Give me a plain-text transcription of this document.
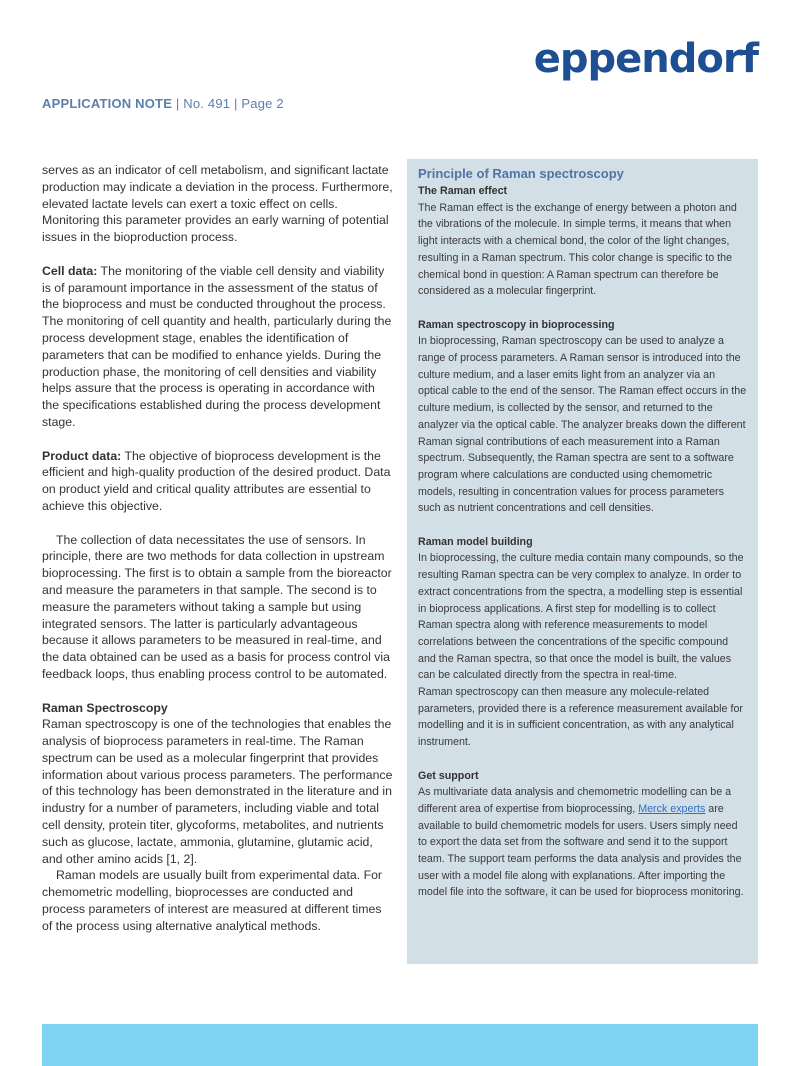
eppendorf
APPLICATION NOTE | No. 491 | Page 2

serves as an indicator of cell metabolism, and significant lactate production may indicate a deviation in the process. Furthermore, elevated lactate levels can exert a toxic effect on cells. Monitoring this parameter provides an early warning of potential issues in the bioproduction process.

Cell data: The monitoring of the viable cell density and viability is of paramount importance in the assessment of the status of the bioprocess and must be conducted throughout the process. The monitoring of cell quantity and health, particularly during the process development stage, enables the identification of parameters that can be modified to enhance yields. During the production phase, the monitoring of cell densities and viability helps assure that the process is operating in accordance with the specifications established during the process development stage.

Product data: The objective of bioprocess development is the efficient and high-quality production of the desired product. Data on product yield and critical quality attributes are essential to achieve this objective.

The collection of data necessitates the use of sensors. In principle, there are two methods for data collection in upstream bioprocessing. The first is to obtain a sample from the bioreactor and measure the parameters in that sample. The second is to measure the parameters without taking a sample but using integrated sensors. The latter is particularly advantageous because it allows parameters to be measured in real-time, and the data obtained can be used as a basis for process control via feedback loops, thus enabling process control to be automated.

Raman Spectroscopy

Raman spectroscopy is one of the technologies that enables the analysis of bioprocess parameters in real-time. The Raman spectrum can be used as a molecular fingerprint that provides information about various process parameters. The performance of this technology has been demonstrated in the literature and in industry for a number of parameters, including viable and total cell density, protein titer, glycoforms, metabolites, and nutrients such as glucose, lactate, ammonia, glutamine, glutamic acid, and other amino acids [1, 2].

Raman models are usually built from experimental data. For chemometric modelling, bioprocesses are conducted and process parameters of interest are measured at different times of the process using alternative analytical methods.

Principle of Raman spectroscopy

The Raman effect

The Raman effect is the exchange of energy between a photon and the vibrations of the molecule. In simple terms, it means that when light interacts with a chemical bond, the color of the light changes, resulting in a Raman spectrum. This color change is specific to the chemical bond in question: A Raman spectrum can therefore be considered as a molecular fingerprint.

Raman spectroscopy in bioprocessing

In bioprocessing, Raman spectroscopy can be used to analyze a range of process parameters. A Raman sensor is introduced into the culture medium, and a laser emits light from an analyzer via an optical cable to the end of the sensor. The Raman effect occurs in the culture medium, is collected by the sensor, and returned to the analyzer via the optical cable. The analyzer breaks down the different Raman signal contributions of each measurement into a Raman spectrum. Subsequently, the Raman spectra are sent to a software program where calculations are conducted using chemometric models, resulting in concentration values for process parameters such as nutrient concentrations and cell densities.

Raman model building

In bioprocessing, the culture media contain many compounds, so the resulting Raman spectra can be very complex to analyze. In order to extract concentrations from the spectra, a modelling step is essential in bioprocess applications. A first step for modelling is to collect Raman spectra along with reference measurements to model correlations between the concentrations of the specific compound and the Raman spectra, so that once the model is built, the values can be calculated directly from the spectra in real-time.

Raman spectroscopy can then measure any molecule-related parameters, provided there is a reference measurement available for modelling and it is in sufficient concentration, as with any analytical instrument.

Get support

As multivariate data analysis and chemometric modelling can be a different area of expertise from bioprocessing, Merck experts are available to build chemometric models for users. Users simply need to export the data set from the software and send it to the support team. The support team performs the data analysis and provides the user with a model file along with explanations. After importing the model file into the software, it can be used for bioprocess monitoring.
